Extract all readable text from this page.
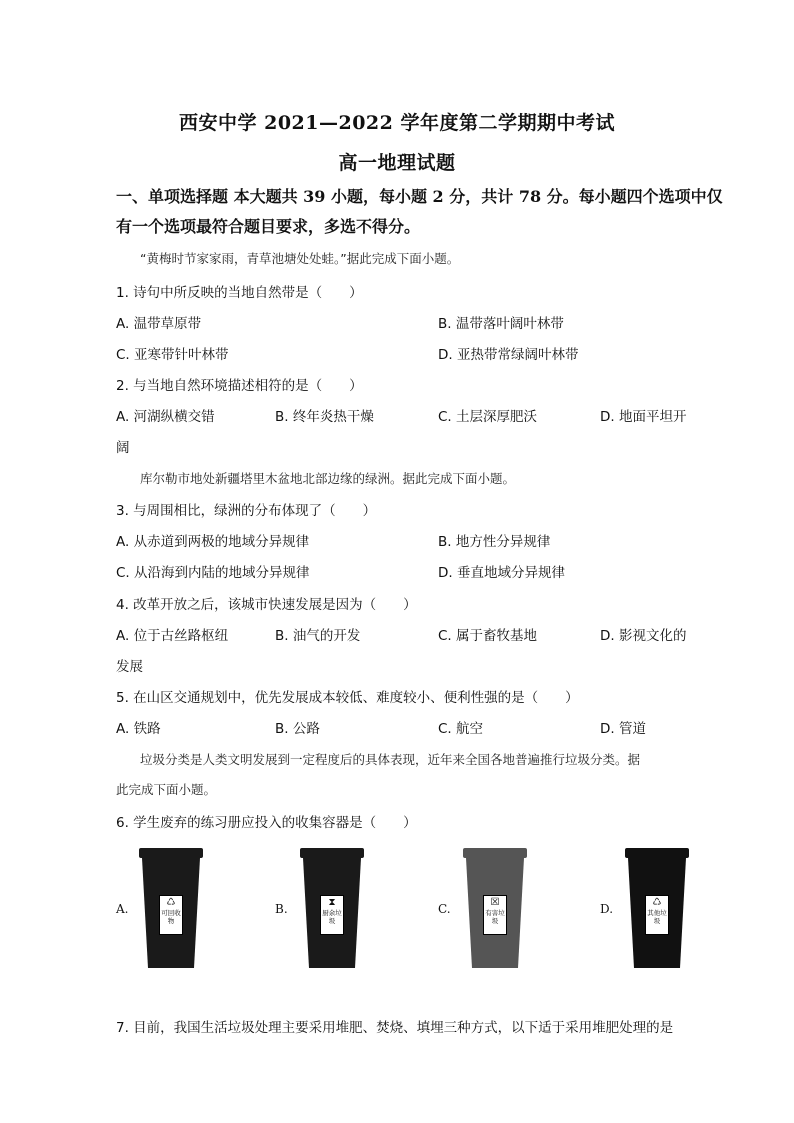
西安中学 2021—2022 学年度第二学期期中考试
高一地理试题
一、单项选择题 本大题共 39 小题，每小题 2 分，共计 78 分。每小题四个选项中仅
有一个选项最符合题目要求，多选不得分。
“黄梅时节家家雨，青草池塘处处蛙。”据此完成下面小题。
1. 诗句中所反映的当地自然带是（　　）
A. 温带草原带	B. 温带落叶阔叶林带
C. 亚寒带针叶林带	D. 亚热带常绿阔叶林带
2. 与当地自然环境描述相符的是（　　）
A. 河湖纵横交错	B. 终年炎热干燥	C. 土层深厚肥沃	D. 地面平坦开
阔
库尔勒市地处新疆塔里木盆地北部边缘的绿洲。据此完成下面小题。
3. 与周围相比，绿洲的分布体现了（　　）
A. 从赤道到两极的地域分异规律	B. 地方性分异规律
C. 从沿海到内陆的地域分异规律	D. 垂直地域分异规律
4. 改革开放之后，该城市快速发展是因为（　　）
A. 位于古丝路枢纽	B. 油气的开发	C. 属于畜牧基地	D. 影视文化的
发展
5. 在山区交通规划中，优先发展成本较低、难度较小、便利性强的是（　　）
A. 铁路	B. 公路	C. 航空	D. 管道
垃圾分类是人类文明发展到一定程度后的具体表现，近年来全国各地普遍推行垃圾分类。据
此完成下面小题。
6. 学生废弃的练习册应投入的收集容器是（　　）
A.	B.	C.	D.
♺
可回收物
⧗
厨余垃圾
☒
有害垃圾
♺
其他垃圾
7. 目前，我国生活垃圾处理主要采用堆肥、焚烧、填埋三种方式，以下适于采用堆肥处理的是
